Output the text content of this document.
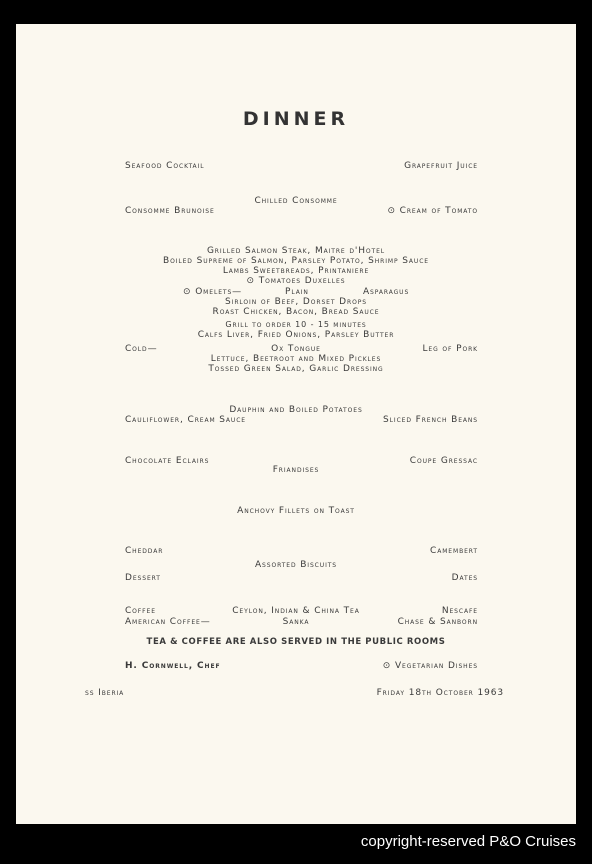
DINNER
Seafood Cocktail	Grapefruit Juice
Chilled Consomme
Consomme Brunoise	⊙ Cream of Tomato
Grilled Salmon Steak, Maitre d'Hotel
Boiled Supreme of Salmon, Parsley Potato, Shrimp Sauce
Lambs Sweetbreads, Printaniere
⊙ Tomatoes Duxelles
⊙ Omelets—	Plain	Asparagus
Sirloin of Beef, Dorset Drops
Roast Chicken, Bacon, Bread Sauce
Grill to order 10 - 15 minutes
Calfs Liver, Fried Onions, Parsley Butter
Cold—	Ox Tongue	Leg of Pork
Lettuce, Beetroot and Mixed Pickles
Tossed Green Salad, Garlic Dressing
Dauphin and Boiled Potatoes
Cauliflower, Cream Sauce	Sliced French Beans
Chocolate Eclairs	Coupe Gressac
Friandises
Anchovy Fillets on Toast
Cheddar	Camembert
Assorted Biscuits
Dessert	Dates
Coffee	Ceylon, Indian & China Tea	Nescafe
American Coffee—	Sanka	Chase & Sanborn
TEA & COFFEE ARE ALSO SERVED IN THE PUBLIC ROOMS
H. Cornwell, Chef	⊙ Vegetarian Dishes
ss Iberia	Friday 18th October 1963
copyright-reserved P&O Cruises
